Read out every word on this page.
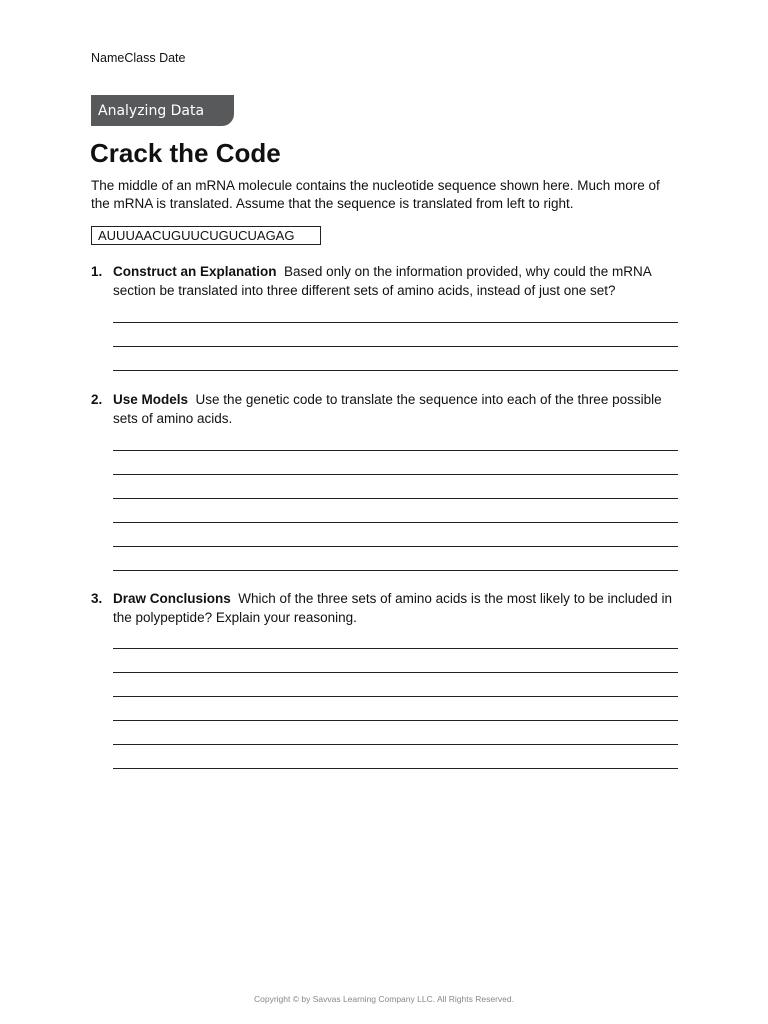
NameClass Date
Analyzing Data
Crack the Code

The middle of an mRNA molecule contains the nucleotide sequence shown here. Much more of the mRNA is translated. Assume that the sequence is translated from left to right.

AUUUAACUGUUCUGUCUAGAG
1. Construct an Explanation Based only on the information provided, why could the mRNA section be translated into three different sets of amino acids, instead of just one set?
2. Use Models Use the genetic code to translate the sequence into each of the three possible sets of amino acids.
3. Draw Conclusions Which of the three sets of amino acids is the most likely to be included in the polypeptide? Explain your reasoning.
Copyright © by Savvas Learning Company LLC. All Rights Reserved.
